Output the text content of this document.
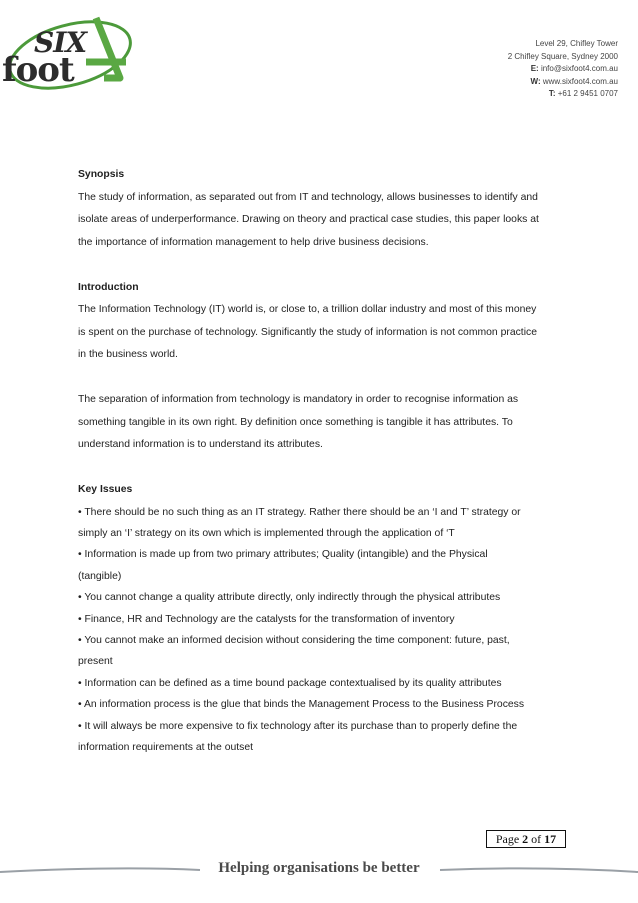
SIX
foot
Level 29, Chifley Tower
2 Chifley Square, Sydney 2000
E: info@sixfoot4.com.au
W: www.sixfoot4.com.au
T: +61 2 9451 0707
Synopsis
The study of information, as separated out from IT and technology, allows businesses to identify and
isolate areas of underperformance. Drawing on theory and practical case studies, this paper looks at
the importance of information management to help drive business decisions.
Introduction
The Information Technology (IT) world is, or close to, a trillion dollar industry and most of this money
is spent on the purchase of technology. Significantly the study of information is not common practice
in the business world.
The separation of information from technology is mandatory in order to recognise information as
something tangible in its own right. By definition once something is tangible it has attributes. To
understand information is to understand its attributes.
Key Issues
• There should be no such thing as an IT strategy. Rather there should be an ‘I and T’ strategy or
simply an ‘I’ strategy on its own which is implemented through the application of ‘T
• Information is made up from two primary attributes; Quality (intangible) and the Physical
(tangible)
• You cannot change a quality attribute directly, only indirectly through the physical attributes
• Finance, HR and Technology are the catalysts for the transformation of inventory
• You cannot make an informed decision without considering the time component: future, past,
present
• Information can be defined as a time bound package contextualised by its quality attributes
• An information process is the glue that binds the Management Process to the Business Process
• It will always be more expensive to fix technology after its purchase than to properly define the
information requirements at the outset
Page 2 of 17
Helping organisations be better
